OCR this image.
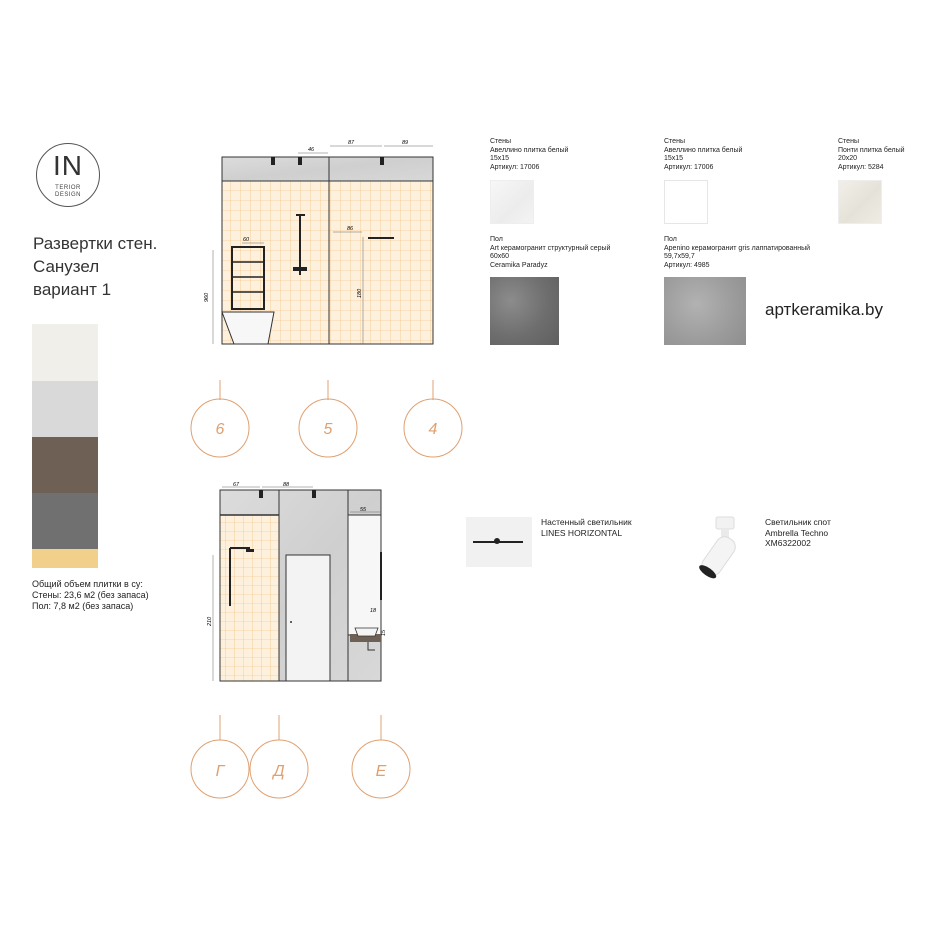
IN
TERIOR
DESIGN
Развертки стен.
Санузел
вариант 1
Общий объем плитки в су:
Стены: 23,6 м2 (без запаса)
Пол: 7,8 м2 (без запаса)
Стены
Авеллино плитка белый
15x15
Артикул: 17006
Стены
Авеллино плитка белый
15x15
Артикул: 17006
Стены
Понти плитка белый
20x20
Артикул: 5284
Пол
Art керамогранит структурный серый
60x60
Ceramika Paradyz
Пол
Apenino керамогранит gris лаппатированный
59,7x59,7
Артикул: 4985
артkeramika.by
Настенный светильник
LINES HORIZONTAL
Светильник спот
Ambrella Techno
XM6322002
46
87	89
60
86
960	180
6	5	4
67	88
55
210
18
15
Г	Д	Е
